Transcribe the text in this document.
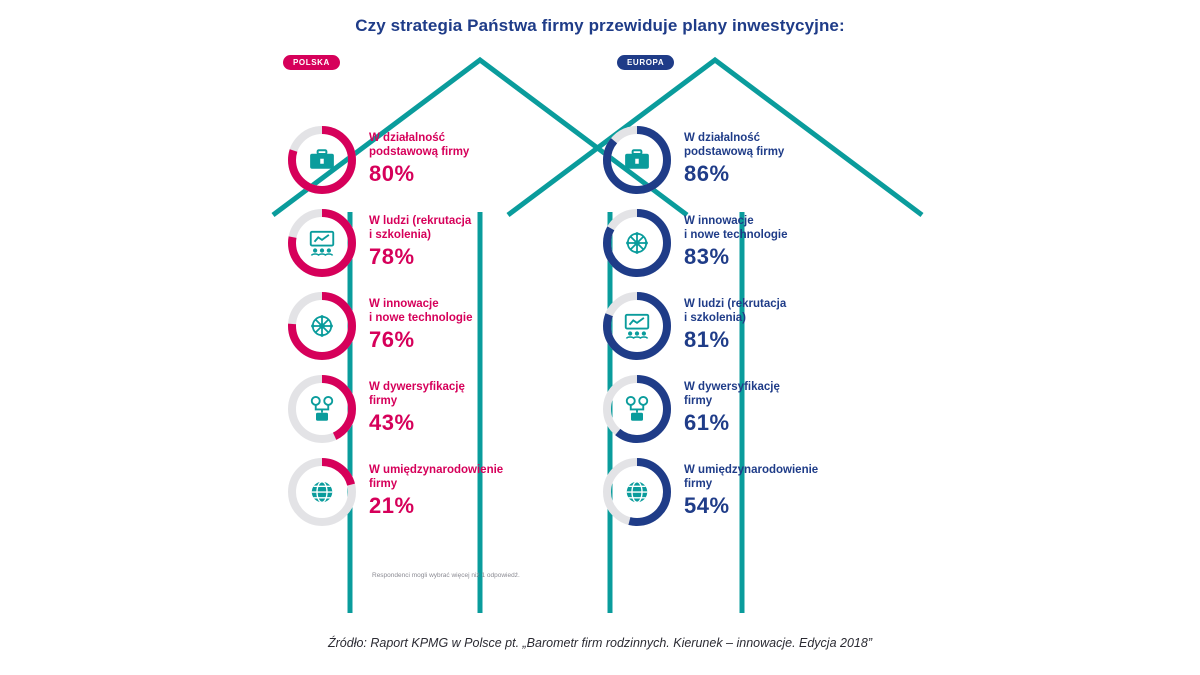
Czy strategia Państwa firmy przewiduje plany inwestycyjne:
POLSKA	EUROPA
W działalność
podstawową firmy
80%
W ludzi (rekrutacja
i szkolenia)
78%
W innowacje
i nowe technologie
76%
W dywersyfikację
firmy
43%
W umiędzynarodowienie
firmy
21%
W działalność
podstawową firmy
86%
W innowacje
i nowe technologie
83%
W ludzi (rekrutacja
i szkolenia)
81%
W dywersyfikację
firmy
61%
W umiędzynarodowienie
firmy
54%
Respondenci mogli wybrać więcej niż 1 odpowiedź.
Źródło: Raport KPMG w Polsce pt. „Barometr firm rodzinnych. Kierunek – innowacje. Edycja 2018”
